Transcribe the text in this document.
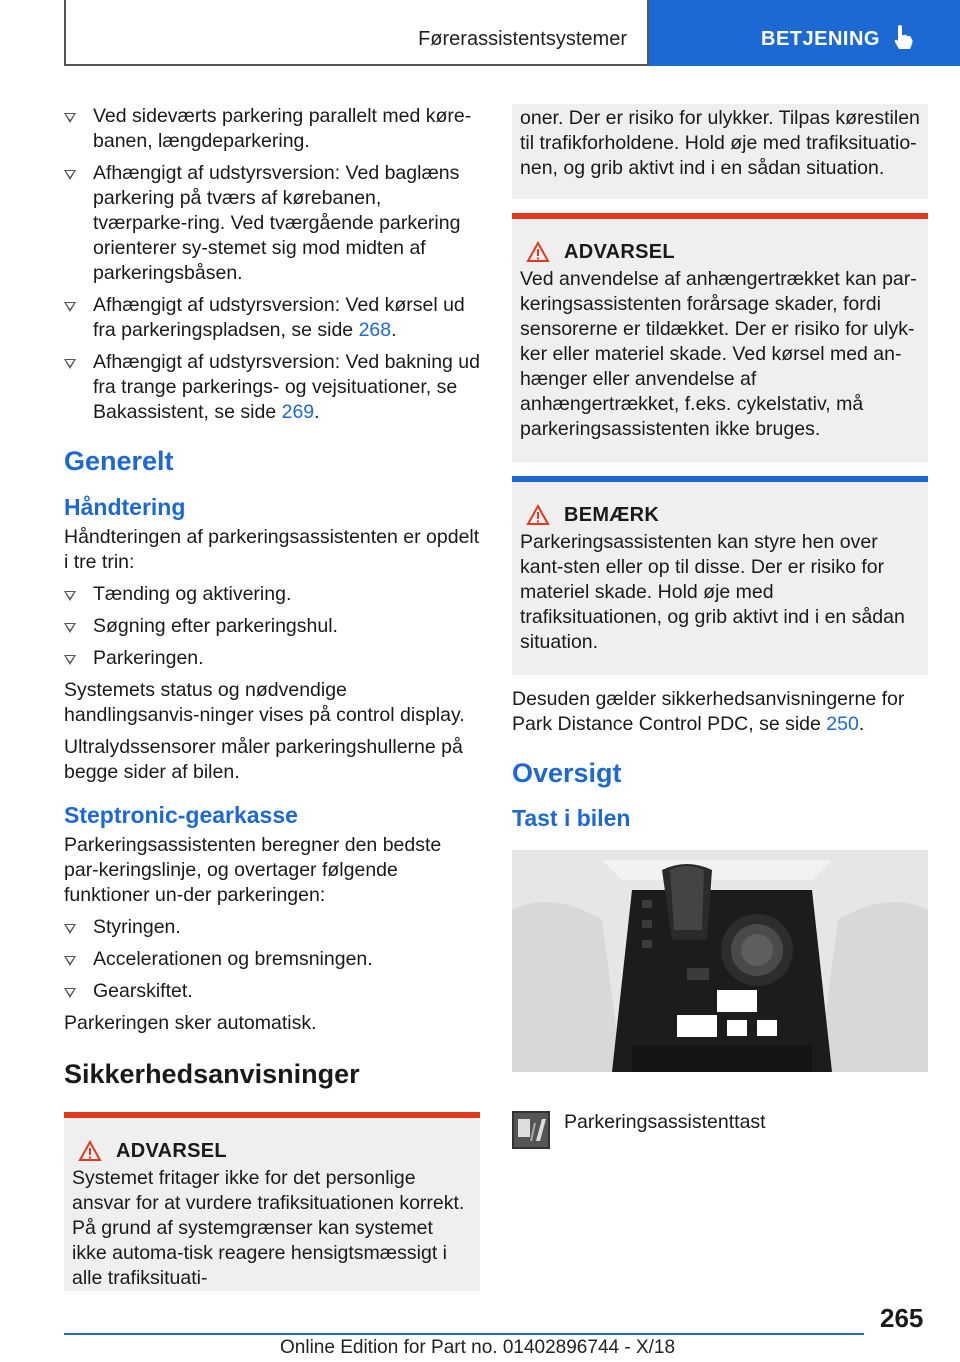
Førerassistentsystemer	BETJENING
Ved sideværts parkering parallelt med køre-banen, længdeparkering.
Afhængigt af udstyrsversion: Ved baglæns parkering på tværs af kørebanen, tværparke-ring. Ved tværgående parkering orienterer sy-stemet sig mod midten af parkeringsbåsen.
Afhængigt af udstyrsversion: Ved kørsel ud fra parkeringspladsen, se side 268.
Afhængigt af udstyrsversion: Ved bakning ud fra trange parkerings- og vejsituationer, se Bakassistent, se side 269.
Generelt
Håndtering

Håndteringen af parkeringsassistenten er opdelt i tre trin:

Tænding og aktivering.
Søgning efter parkeringshul.
Parkeringen.

Systemets status og nødvendige handlingsanvis-ninger vises på control display.

Ultralydssensorer måler parkeringshullerne på begge sider af bilen.

Steptronic-gearkasse

Parkeringsassistenten beregner den bedste par-keringslinje, og overtager følgende funktioner un-der parkeringen:

Styringen.
Accelerationen og bremsningen.
Gearskiftet.

Parkeringen sker automatisk.

Sikkerhedsanvisninger
ADVARSEL
Systemet fritager ikke for det personlige ansvar for at vurdere trafiksituationen korrekt. På grund af systemgrænser kan systemet ikke automa-tisk reagere hensigtsmæssigt i alle trafiksituati-
oner. Der er risiko for ulykker. Tilpas kørestilen til trafikforholdene. Hold øje med trafiksituatio-nen, og grib aktivt ind i en sådan situation.
ADVARSEL
Ved anvendelse af anhængertrækket kan par-keringsassistenten forårsage skader, fordi sensorerne er tildækket. Der er risiko for ulyk-ker eller materiel skade. Ved kørsel med an-hænger eller anvendelse af anhængertrækket, f.eks. cykelstativ, må parkeringsassistenten ikke bruges.
BEMÆRK
Parkeringsassistenten kan styre hen over kant-sten eller op til disse. Der er risiko for materiel skade. Hold øje med trafiksituationen, og grib aktivt ind i en sådan situation.

Desuden gælder sikkerhedsanvisningerne for Park Distance Control PDC, se side 250.

Oversigt
Tast i bilen
Parkeringsassistenttast
265
Online Edition for Part no. 01402896744 - X/18
